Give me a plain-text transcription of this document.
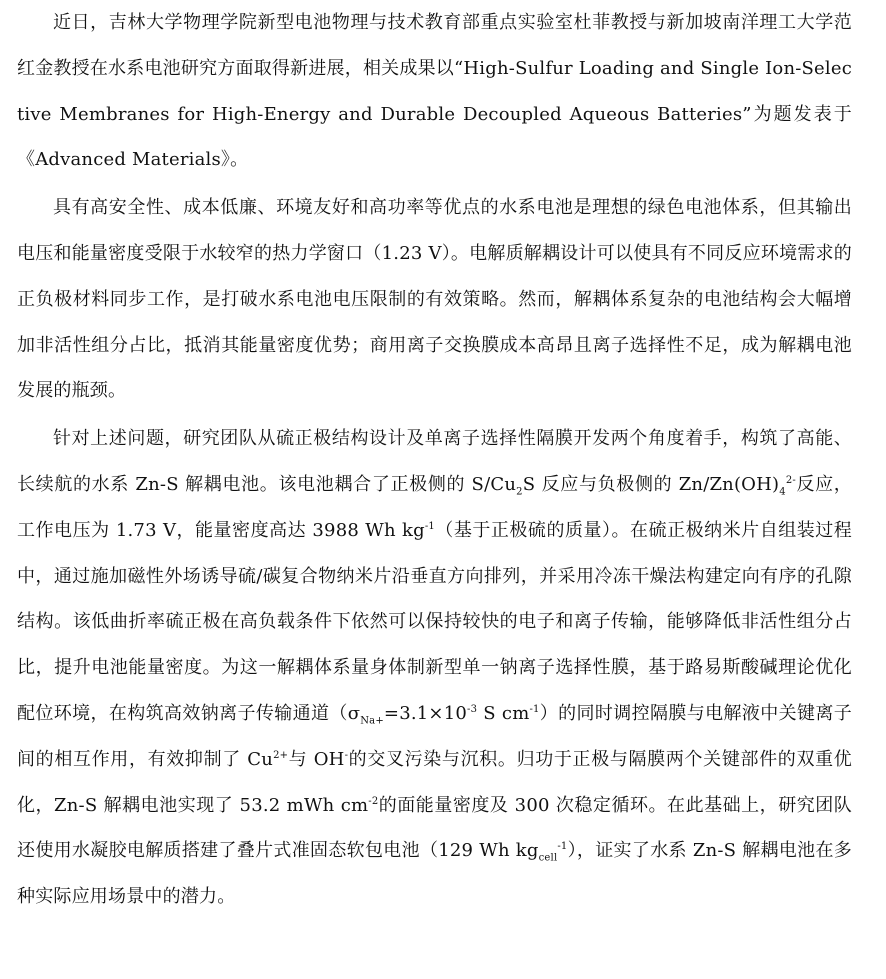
近日，吉林大学物理学院新型电池物理与技术教育部重点实验室杜菲教授与新加坡南洋理工大学范红金教授在水系电池研究方面取得新进展，相关成果以“High-Sulfur Loading and Single Ion-Selective Membranes for High-Energy and Durable Decoupled Aqueous Batteries”为题发表于《Advanced Materials》。

具有高安全性、成本低廉、环境友好和高功率等优点的水系电池是理想的绿色电池体系，但其输出电压和能量密度受限于水较窄的热力学窗口（1.23 V）。电解质解耦设计可以使具有不同反应环境需求的正负极材料同步工作，是打破水系电池电压限制的有效策略。然而，解耦体系复杂的电池结构会大幅增加非活性组分占比，抵消其能量密度优势；商用离子交换膜成本高昂且离子选择性不足，成为解耦电池发展的瓶颈。

针对上述问题，研究团队从硫正极结构设计及单离子选择性隔膜开发两个角度着手，构筑了高能、长续航的水系 Zn-S 解耦电池。该电池耦合了正极侧的 $S/Cu_2S$ 反应与负极侧的 $Zn/Zn(OH)_4^{2-}$反应，工作电压为 1.73 V，能量密度高达 3988 Wh $kg^{-1}$（基于正极硫的质量）。在硫正极纳米片自组装过程中，通过施加磁性外场诱导硫/碳复合物纳米片沿垂直方向排列，并采用冷冻干燥法构建定向有序的孔隙结构。该低曲折率硫正极在高负载条件下依然可以保持较快的电子和离子传输，能够降低非活性组分占比，提升电池能量密度。为这一解耦体系量身体制新型单一钠离子选择性膜，基于路易斯酸碱理论优化配位环境，在构筑高效钠离子传输通道（$\sigma_{Na+}=3.1\times 10^{-3}$ S $cm^{-1}$）的同时调控隔膜与电解液中关键离子间的相互作用，有效抑制了 $Cu^{2+}$与 OH-的交叉污染与沉积。归功于正极与隔膜两个关键部件的双重优化，Zn-S 解耦电池实现了 53.2 mWh $cm^{-2}$的面能量密度及 300 次稳定循环。在此基础上，研究团队还使用水凝胶电解质搭建了叠片式准固态软包电池（129 Wh $kg_{cell}^{-1}$），证实了水系 Zn-S 解耦电池在多种实际应用场景中的潜力。
